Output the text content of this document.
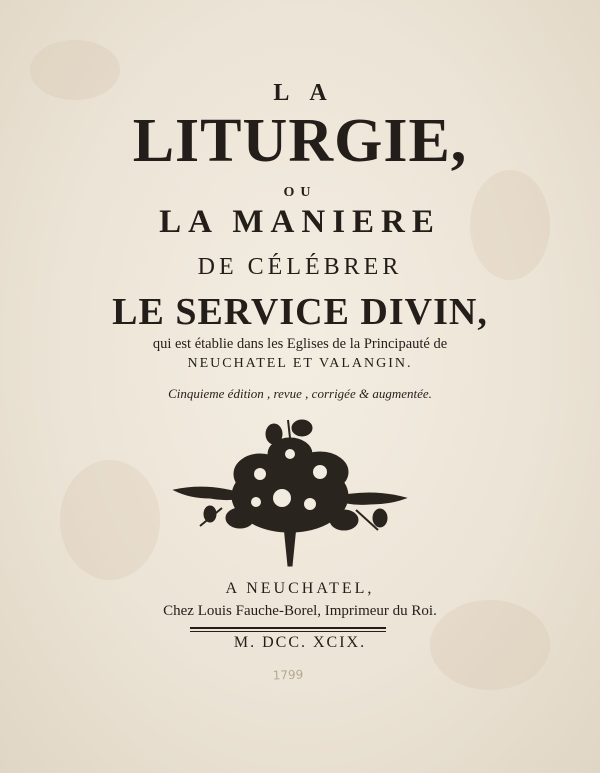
LA
LITURGIE,
OU
LA MANIERE
DE CÉLÉBRER
LE SERVICE DIVIN,
qui est établie dans les Eglises de la Principauté de
NEUCHATEL ET VALANGIN.
Cinquieme édition , revue , corrigée & augmentée.
A NEUCHATEL,
Chez Louis Fauche-Borel, Imprimeur du Roi.
M. DCC. XCIX.
1799
